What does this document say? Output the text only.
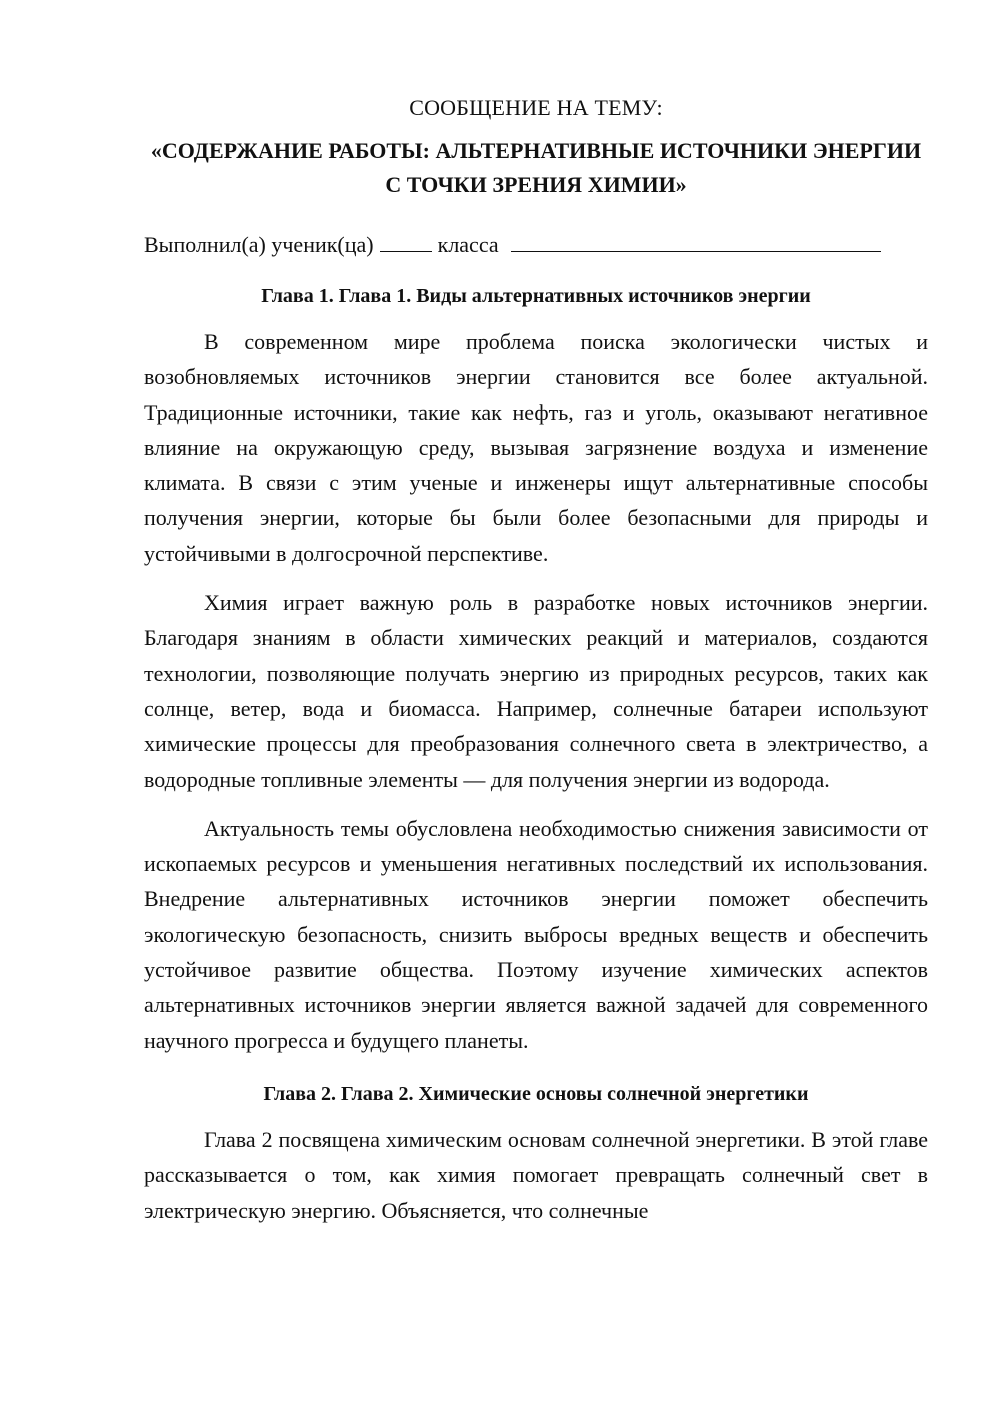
СООБЩЕНИЕ НА ТЕМУ:
«СОДЕРЖАНИЕ РАБОТЫ: АЛЬТЕРНАТИВНЫЕ ИСТОЧНИКИ ЭНЕРГИИ С ТОЧКИ ЗРЕНИЯ ХИМИИ»
Выполнил(а) ученик(ца)	класса
Глава 1. Глава 1. Виды альтернативных источников энергии

В современном мире проблема поиска экологически чистых и возобновляемых источников энергии становится все более актуальной. Традиционные источники, такие как нефть, газ и уголь, оказывают негативное влияние на окружающую среду, вызывая загрязнение воздуха и изменение климата. В связи с этим ученые и инженеры ищут альтернативные способы получения энергии, которые бы были более безопасными для природы и устойчивыми в долгосрочной перспективе.

Химия играет важную роль в разработке новых источников энергии. Благодаря знаниям в области химических реакций и материалов, создаются технологии, позволяющие получать энергию из природных ресурсов, таких как солнце, ветер, вода и биомасса. Например, солнечные батареи используют химические процессы для преобразования солнечного света в электричество, а водородные топливные элементы — для получения энергии из водорода.

Актуальность темы обусловлена необходимостью снижения зависимости от ископаемых ресурсов и уменьшения негативных последствий их использования. Внедрение альтернативных источников энергии поможет обеспечить экологическую безопасность, снизить выбросы вредных веществ и обеспечить устойчивое развитие общества. Поэтому изучение химических аспектов альтернативных источников энергии является важной задачей для современного научного прогресса и будущего планеты.

Глава 2. Глава 2. Химические основы солнечной энергетики

Глава 2 посвящена химическим основам солнечной энергетики. В этой главе рассказывается о том, как химия помогает превращать солнечный свет в электрическую энергию. Объясняется, что солнечные
